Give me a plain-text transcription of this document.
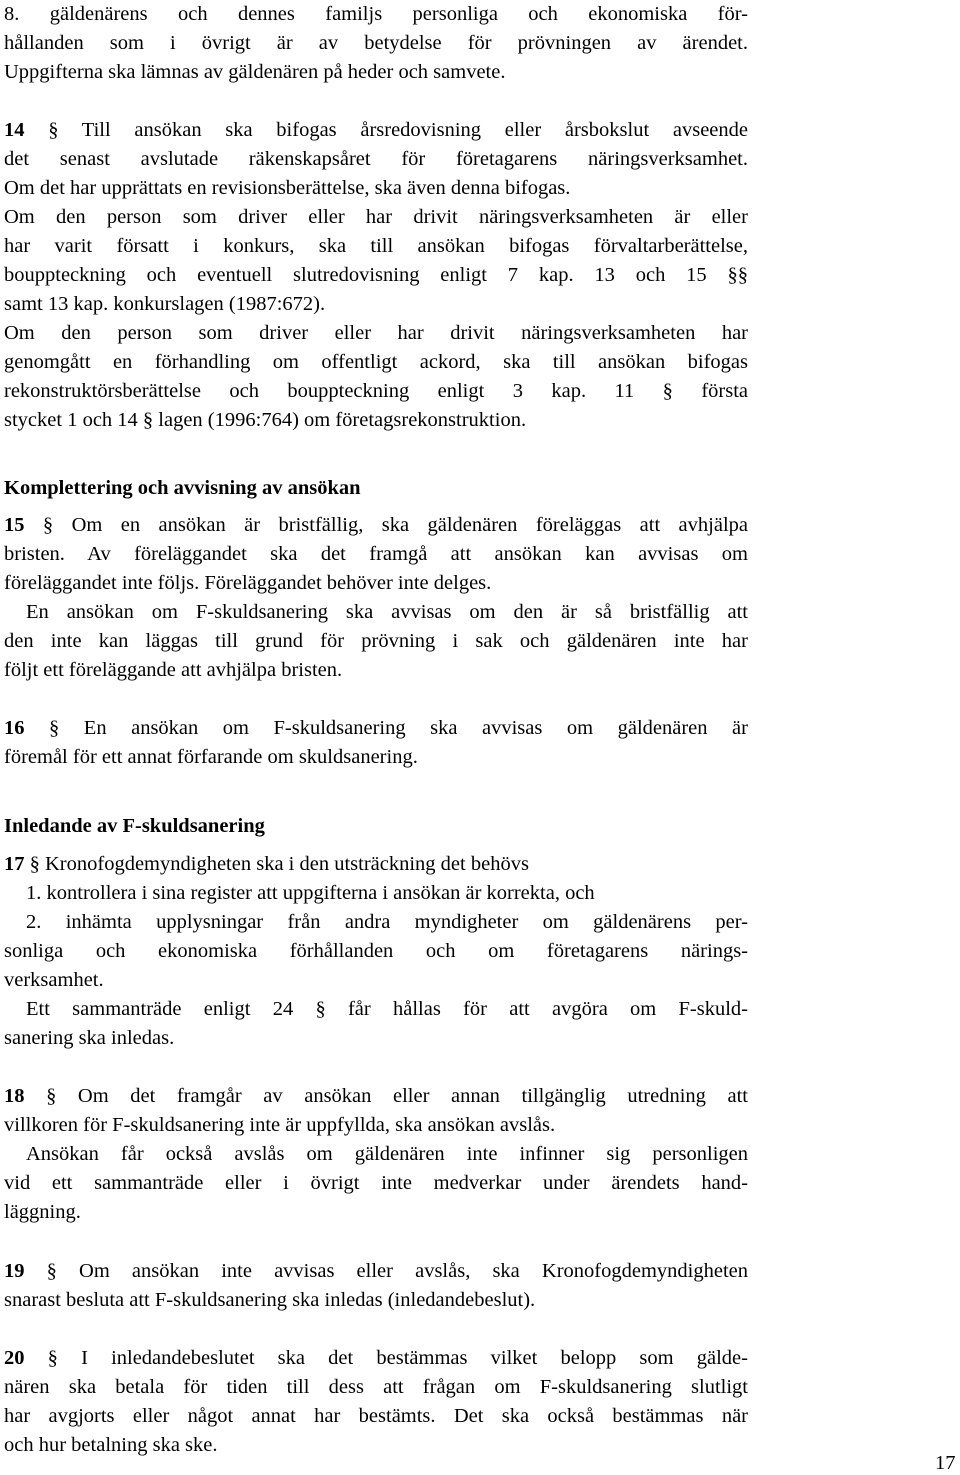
8. gäldenärens och dennes familjs personliga och ekonomiska för-
hållanden som i övrigt är av betydelse för prövningen av ärendet.
Uppgifterna ska lämnas av gäldenären på heder och samvete.
14 § Till ansökan ska bifogas årsredovisning eller årsbokslut avseende
det senast avslutade räkenskapsåret för företagarens näringsverksamhet.
Om det har upprättats en revisionsberättelse, ska även denna bifogas.
Om den person som driver eller har drivit näringsverksamheten är eller
har varit försatt i konkurs, ska till ansökan bifogas förvaltarberättelse,
bouppteckning och eventuell slutredovisning enligt 7 kap. 13 och 15 §§
samt 13 kap. konkurslagen (1987:672).
Om den person som driver eller har drivit näringsverksamheten har
genomgått en förhandling om offentligt ackord, ska till ansökan bifogas
rekonstruktörsberättelse och bouppteckning enligt 3 kap. 11 § första
stycket 1 och 14 § lagen (1996:764) om företagsrekonstruktion.
Komplettering och avvisning av ansökan
15 § Om en ansökan är bristfällig, ska gäldenären föreläggas att avhjälpa
bristen. Av föreläggandet ska det framgå att ansökan kan avvisas om
föreläggandet inte följs. Föreläggandet behöver inte delges.
En ansökan om F-skuldsanering ska avvisas om den är så bristfällig att
den inte kan läggas till grund för prövning i sak och gäldenären inte har
följt ett föreläggande att avhjälpa bristen.
16 § En ansökan om F-skuldsanering ska avvisas om gäldenären är
föremål för ett annat förfarande om skuldsanering.
Inledande av F-skuldsanering
17 § Kronofogdemyndigheten ska i den utsträckning det behövs
1. kontrollera i sina register att uppgifterna i ansökan är korrekta, och
2. inhämta upplysningar från andra myndigheter om gäldenärens per-
sonliga och ekonomiska förhållanden och om företagarens närings-
verksamhet.
Ett sammanträde enligt 24 § får hållas för att avgöra om F-skuld-
sanering ska inledas.
18 § Om det framgår av ansökan eller annan tillgänglig utredning att
villkoren för F-skuldsanering inte är uppfyllda, ska ansökan avslås.
Ansökan får också avslås om gäldenären inte infinner sig personligen
vid ett sammanträde eller i övrigt inte medverkar under ärendets hand-
läggning.
19 § Om ansökan inte avvisas eller avslås, ska Kronofogdemyndigheten
snarast besluta att F-skuldsanering ska inledas (inledandebeslut).
20 § I inledandebeslutet ska det bestämmas vilket belopp som gälde-
nären ska betala för tiden till dess att frågan om F-skuldsanering slutligt
har avgjorts eller något annat har bestämts. Det ska också bestämmas när
och hur betalning ska ske.
17
